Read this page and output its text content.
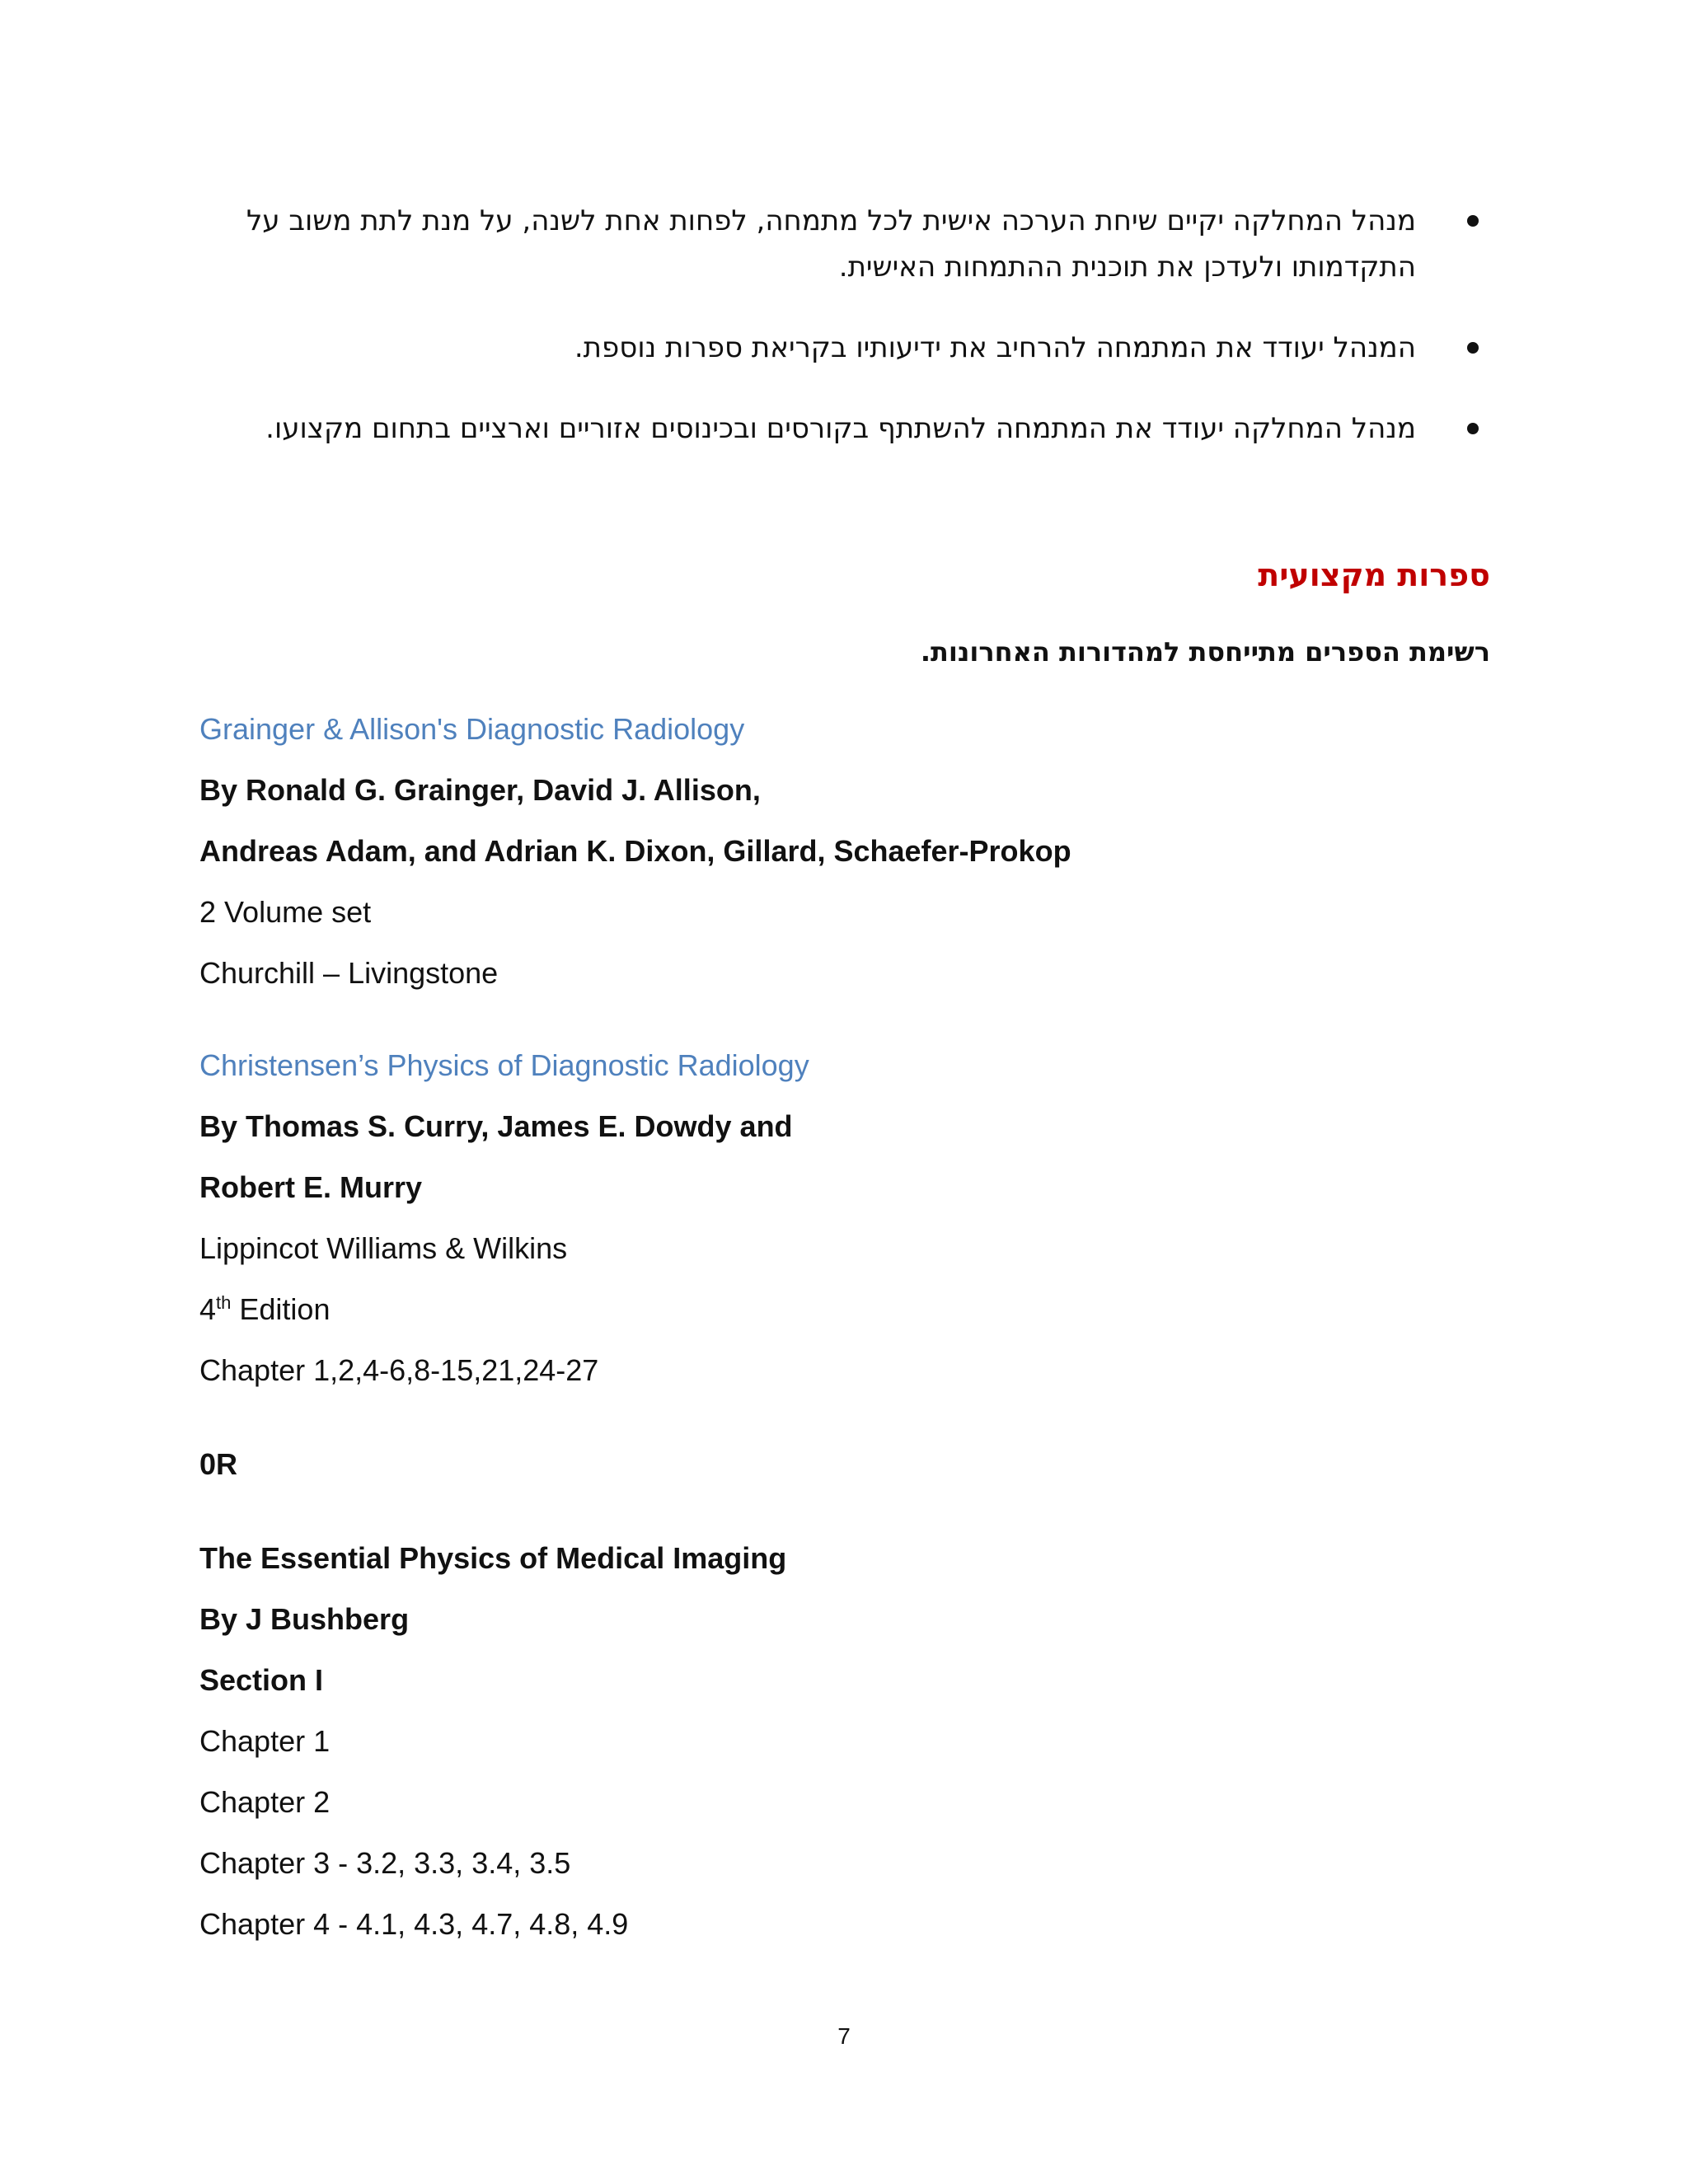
מנהל המחלקה יקיים שיחת הערכה אישית לכל מתמחה, לפחות אחת לשנה, על מנת לתת משוב על התקדמותו ולעדכן את תוכנית ההתמחות האישית.
המנהל יעודד את המתמחה להרחיב את ידיעותיו בקריאת ספרות נוספת.
מנהל המחלקה יעודד את המתמחה להשתתף בקורסים ובכינוסים אזוריים וארציים בתחום מקצועו.
ספרות מקצועית
רשימת הספרים מתייחסת למהדורות האחרונות.
Grainger & Allison's Diagnostic Radiology
By Ronald G. Grainger, David J. Allison,
Andreas Adam, and Adrian K. Dixon, Gillard, Schaefer-Prokop
2 Volume set
Churchill – Livingstone
Christensen’s Physics of Diagnostic Radiology
By Thomas S. Curry, James E. Dowdy and
Robert E. Murry
Lippincot Williams & Wilkins
4th Edition
Chapter 1,2,4-6,8-15,21,24-27
0R
The Essential Physics of Medical Imaging
By J Bushberg
Section I
Chapter 1
Chapter 2
Chapter 3 - 3.2, 3.3, 3.4, 3.5
Chapter 4 - 4.1, 4.3, 4.7, 4.8, 4.9
7
